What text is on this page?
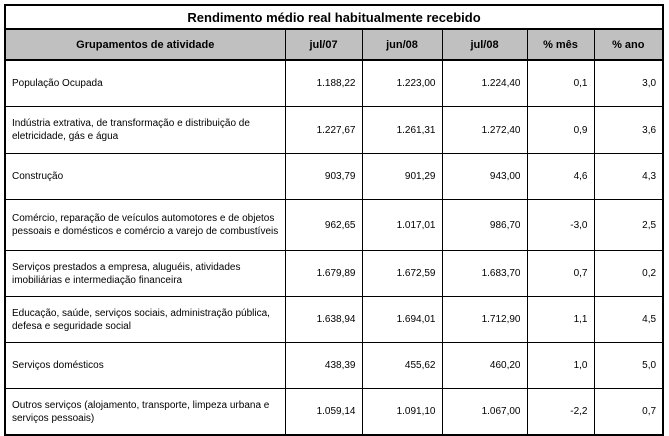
Rendimento médio real habitualmente recebido					
Grupamentos de atividade	jul/07	jun/08	jul/08	% mês	% ano
População Ocupada	1.188,22	1.223,00	1.224,40	0,1	3,0
Indústria extrativa, de transformação e distribuição de eletricidade, gás e água	1.227,67	1.261,31	1.272,40	0,9	3,6
Construção	903,79	901,29	943,00	4,6	4,3
Comércio, reparação de veículos automotores e de objetos pessoais e domésticos e comércio a varejo de combustíveis	962,65	1.017,01	986,70	-3,0	2,5
Serviços prestados a empresa, aluguéis, atividades imobiliárias e intermediação financeira	1.679,89	1.672,59	1.683,70	0,7	0,2
Educação, saúde, serviços sociais, administração pública, defesa e seguridade social	1.638,94	1.694,01	1.712,90	1,1	4,5
Serviços domésticos	438,39	455,62	460,20	1,0	5,0
Outros serviços (alojamento, transporte, limpeza urbana e serviços pessoais)	1.059,14	1.091,10	1.067,00	-2,2	0,7
